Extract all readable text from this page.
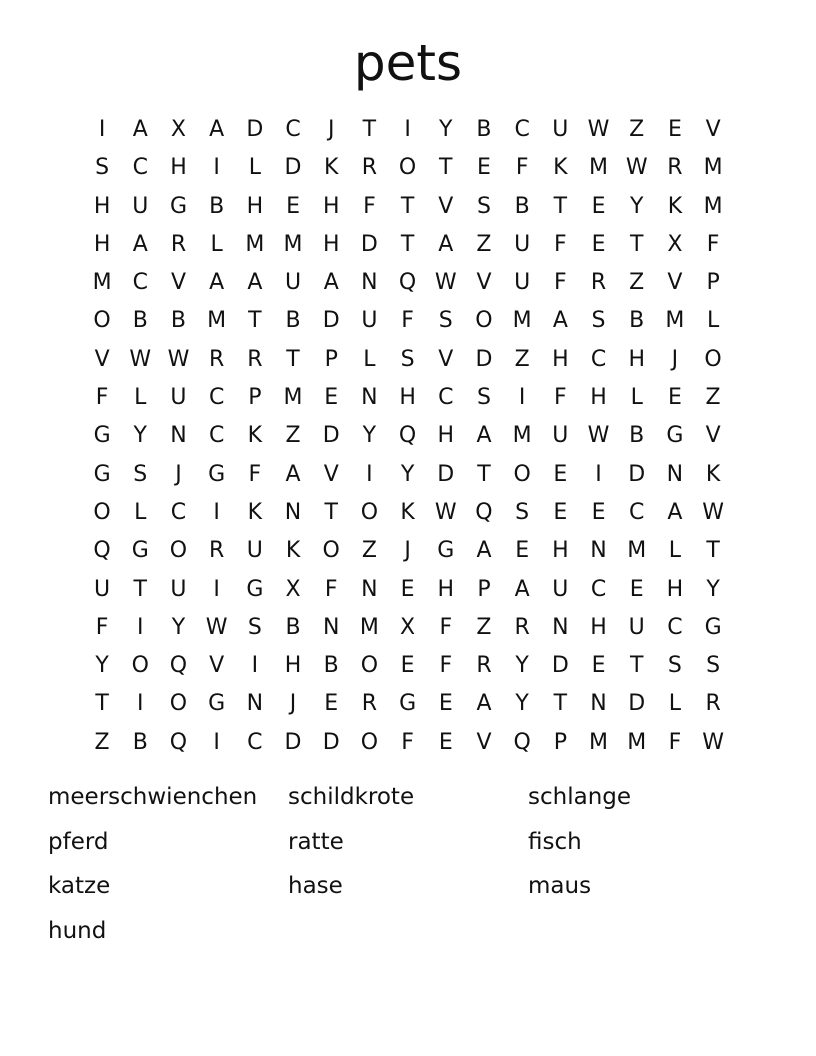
pets
I	A	X	A	D	C	J	T	I	Y	B	C	U W Z	E	V
S	C	H	I	L	D	K	R O	T	E	F	K M W R M
H U G	B	H	E	H	F	T	V	S	B	T	E	Y	K M
H	A	R	L	M M H D	T	A	Z	U	F	E	T	X	F
M C	V	A	A	U	A	N Q W V	U	F	R	Z	V	P
O B	B M T	B	D U	F	S	O M A	S	B M	L
V W W R	R	T	P	L	S	V	D	Z	H	C	H	J	O
F	L	U	C	P	M E	N H	C	S	I	F	H	L	E	Z
G	Y	N	C	K	Z	D	Y	Q H	A M U W B	G	V
G	S	J	G	F	A	V	I	Y	D	T	O	E	I	D N	K
O	L	C	I	K	N	T	O	K W Q	S	E	E	C	A W
Q G O R	U	K	O Z	J	G	A	E	H N M	L	T
U	T	U	I	G	X	F	N	E	H	P	A	U	C	E	H	Y
F	I	Y W S	B	N M X	F	Z	R	N H U	C G
Y	O Q	V	I	H	B O	E	F	R	Y	D	E	T	S	S
T	I	O G N	J	E	R	G	E	A	Y	T	N D	L	R
Z	B Q	I	C	D D O	F	E	V Q	P	M M	F W
meerschwienchen	schildkrote	schlange
pferd	ratte	fisch
katze	hase	maus
hund
